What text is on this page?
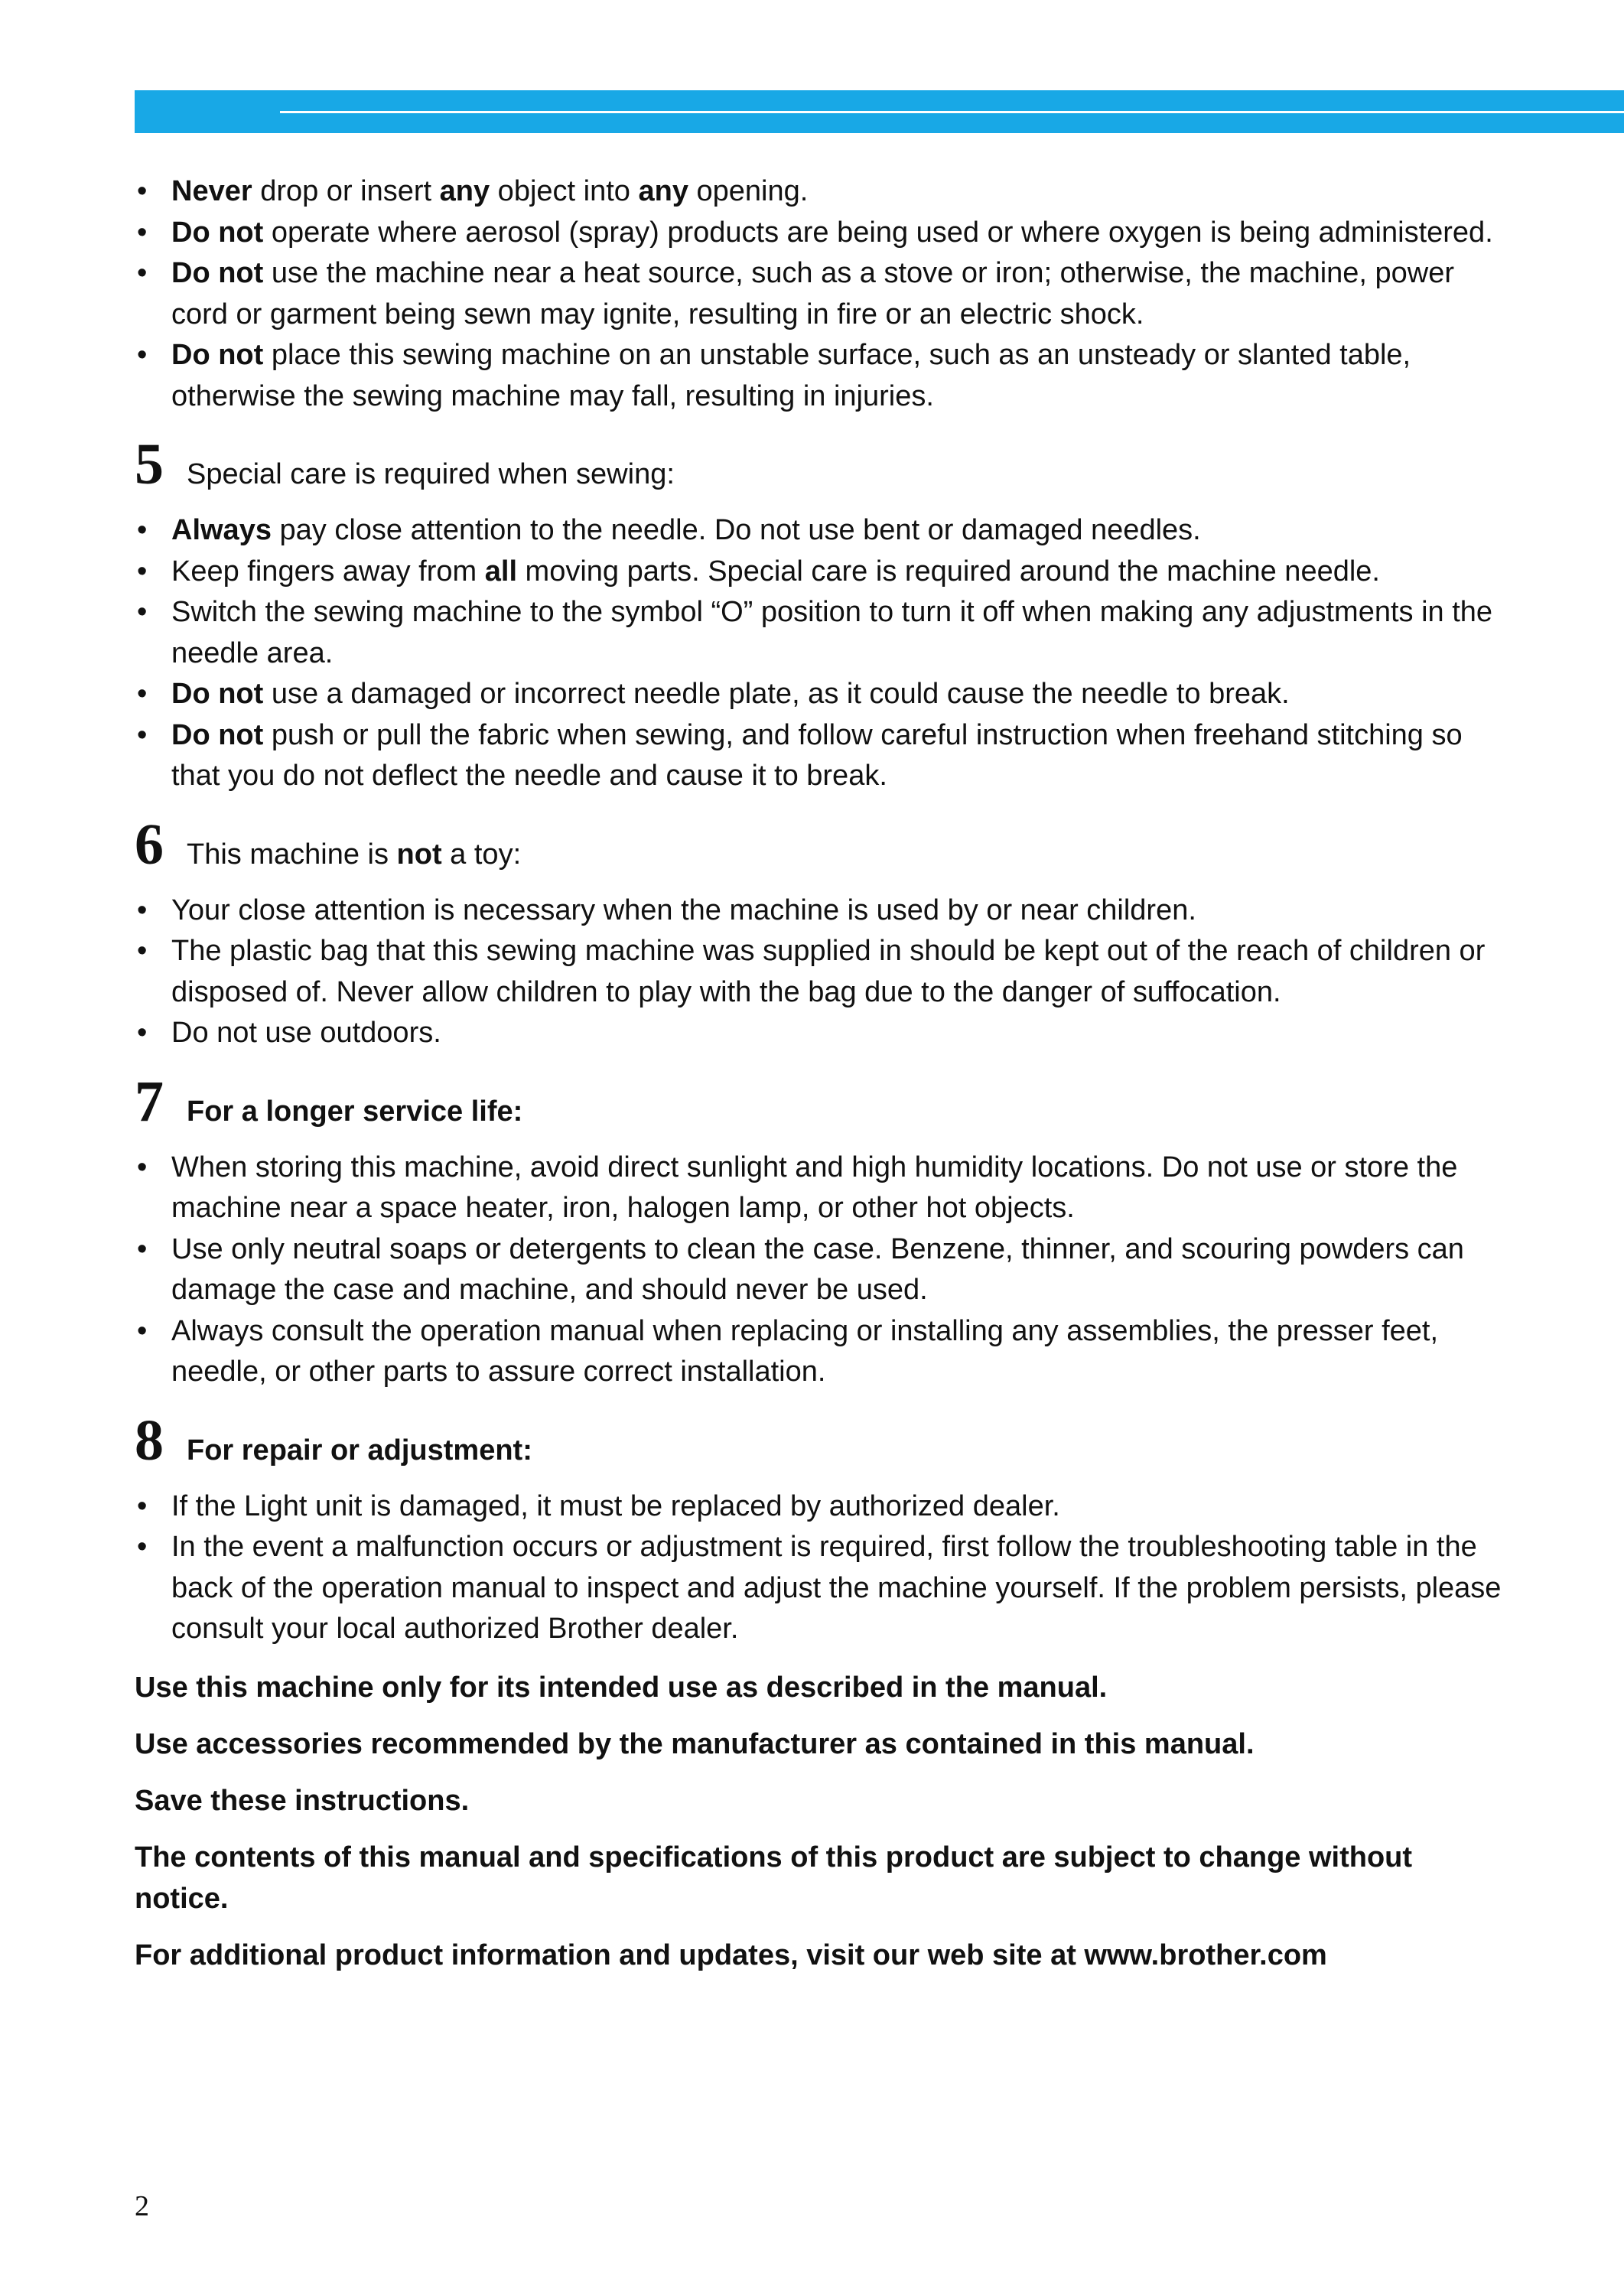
• Never drop or insert any object into any opening.
• Do not operate where aerosol (spray) products are being used or where oxygen is being administered.
• Do not use the machine near a heat source, such as a stove or iron; otherwise, the machine, power cord or garment being sewn may ignite, resulting in fire or an electric shock.
• Do not place this sewing machine on an unstable surface, such as an unsteady or slanted table, otherwise the sewing machine may fall, resulting in injuries.
5 Special care is required when sewing:
• Always pay close attention to the needle. Do not use bent or damaged needles.
• Keep fingers away from all moving parts. Special care is required around the machine needle.
• Switch the sewing machine to the symbol “O” position to turn it off when making any adjustments in the needle area.
• Do not use a damaged or incorrect needle plate, as it could cause the needle to break.
• Do not push or pull the fabric when sewing, and follow careful instruction when freehand stitching so that you do not deflect the needle and cause it to break.
6 This machine is not a toy:
• Your close attention is necessary when the machine is used by or near children.
• The plastic bag that this sewing machine was supplied in should be kept out of the reach of children or disposed of. Never allow children to play with the bag due to the danger of suffocation.
• Do not use outdoors.
7 For a longer service life:
• When storing this machine, avoid direct sunlight and high humidity locations. Do not use or store the machine near a space heater, iron, halogen lamp, or other hot objects.
• Use only neutral soaps or detergents to clean the case. Benzene, thinner, and scouring powders can damage the case and machine, and should never be used.
• Always consult the operation manual when replacing or installing any assemblies, the presser feet, needle, or other parts to assure correct installation.
8 For repair or adjustment:
• If the Light unit is damaged, it must be replaced by authorized dealer.
• In the event a malfunction occurs or adjustment is required, first follow the troubleshooting table in the back of the operation manual to inspect and adjust the machine yourself. If the problem persists, please consult your local authorized Brother dealer.

Use this machine only for its intended use as described in the manual.

Use accessories recommended by the manufacturer as contained in this manual.

Save these instructions.

The contents of this manual and specifications of this product are subject to change without notice.

For additional product information and updates, visit our web site at www.brother.com

2
